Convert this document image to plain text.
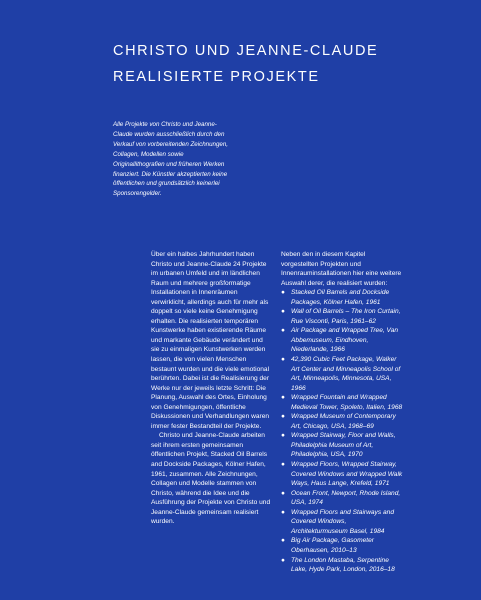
CHRISTO UND JEANNE-CLAUDE
REALISIERTE PROJEKTE

Alle Projekte von Christo und Jeanne-Claude wurden ausschließlich durch den Verkauf von vorbereitenden Zeichnungen, Collagen, Modellen sowie Originallithografien und früheren Werken finanziert. Die Künstler akzeptierten keine öffentlichen und grundsätzlich keinerlei Sponsorengelder.

Über ein halbes Jahrhundert haben Christo und Jeanne-Claude 24 Projekte im urbanen Umfeld und im ländlichen Raum und mehrere großformatige Installationen in Innenräumen verwirklicht, allerdings auch für mehr als doppelt so viele keine Genehmigung erhalten. Die realisierten temporären Kunstwerke haben existierende Räume und markante Gebäude verändert und sie zu einmaligen Kunstwerken werden lassen, die von vielen Menschen bestaunt wurden und die viele emotional berührten. Dabei ist die Realisierung der Werke nur der jeweils letzte Schritt: Die Planung, Auswahl des Ortes, Einholung von Genehmigungen, öffentliche Diskussionen und Verhandlungen waren immer fester Bestandteil der Projekte.

Christo und Jeanne-Claude arbeiten seit ihrem ersten gemeinsamen öffentlichen Projekt, Stacked Oil Barrels and Dockside Packages, Kölner Hafen, 1961, zusammen. Alle Zeichnungen, Collagen und Modelle stammen von Christo, während die Idee und die Ausführung der Projekte von Christo und Jeanne-Claude gemeinsam realisiert wurden.

Neben den in diesem Kapitel vorgestellten Projekten und Innenrauminstallationen hier eine weitere Auswahl derer, die realisiert wurden:

● Stacked Oil Barrels and Dockside Packages, Kölner Hafen, 1961
● Wall of Oil Barrels – The Iron Curtain, Rue Visconti, Paris, 1961–62
● Air Package and Wrapped Tree, Van Abbemuseum, Eindhoven, Niederlande, 1966
● 42,390 Cubic Feet Package, Walker Art Center and Minneapolis School of Art, Minneapolis, Minnesota, USA, 1966
● Wrapped Fountain and Wrapped Medieval Tower, Spoleto, Italien, 1968
● Wrapped Museum of Contemporary Art, Chicago, USA, 1968–69
● Wrapped Stairway, Floor and Walls, Philadelphia Museum of Art, Philadelphia, USA, 1970
● Wrapped Floors, Wrapped Stairway, Covered Windows and Wrapped Walk Ways, Haus Lange, Krefeld, 1971
● Ocean Front, Newport, Rhode Island, USA, 1974
● Wrapped Floors and Stairways and Covered Windows, Architekturmuseum Basel, 1984
● Big Air Package, Gasometer Oberhausen, 2010–13
● The London Mastaba, Serpentine Lake, Hyde Park, London, 2016–18
